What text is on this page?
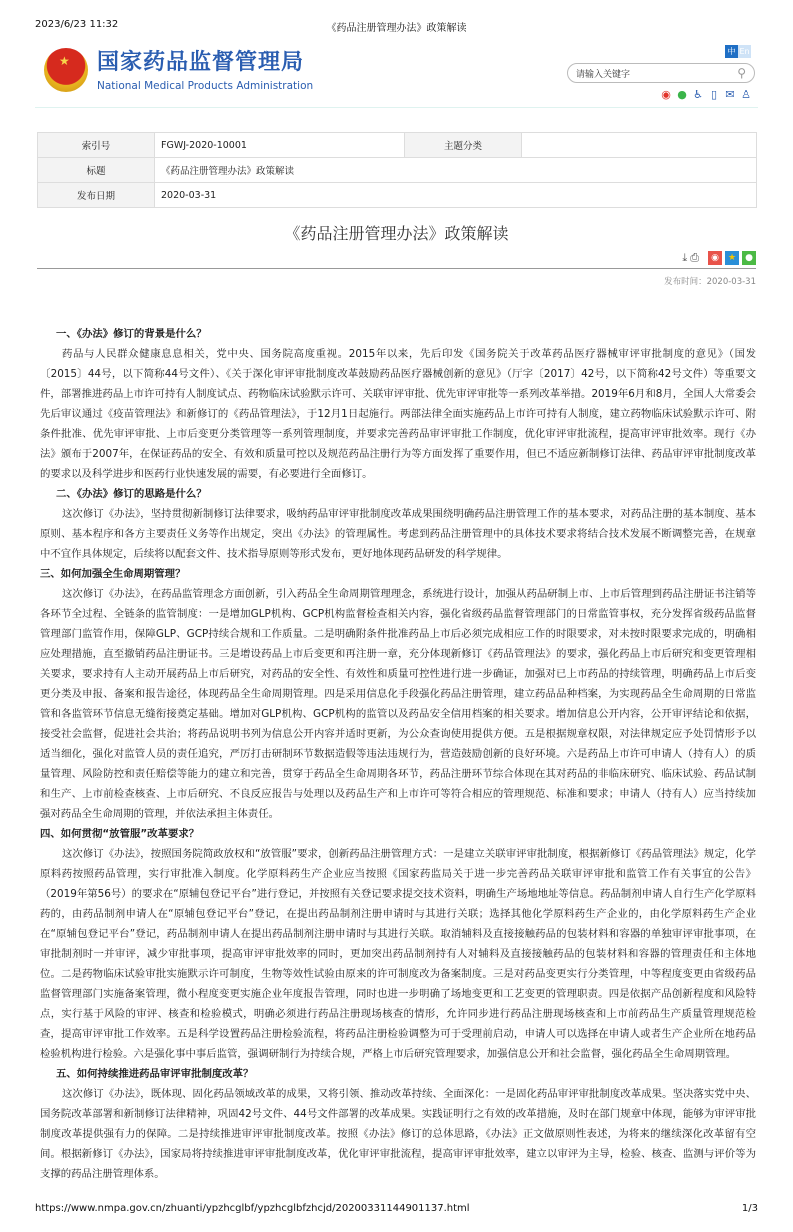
2023/6/23 11:32	《药品注册管理办法》政策解读
★ 国家药品监督管理局
National Medical Products Administration
中 En
请输入关键字	⚲
◉ ● ♿ ▯ ✉ ♙
索引号	FGWJ-2020-10001	主题分类	
标题	《药品注册管理办法》政策解读		
发布日期	2020-03-31		
《药品注册管理办法》政策解读
⤓ ⎙	◉	★	●
发布时间：2020-03-31
一、《办法》修订的背景是什么？

药品与人民群众健康息息相关，党中央、国务院高度重视。2015年以来，先后印发《国务院关于改革药品医疗器械审评审批制度的意见》（国发〔2015〕44号，以下简称44号文件）、《关于深化审评审批制度改革鼓励药品医疗器械创新的意见》（厅字〔2017〕42号，以下简称42号文件）等重要文件，部署推进药品上市许可持有人制度试点、药物临床试验默示许可、关联审评审批、优先审评审批等一系列改革举措。2019年6月和8月，全国人大常委会先后审议通过《疫苗管理法》和新修订的《药品管理法》，于12月1日起施行。两部法律全面实施药品上市许可持有人制度，建立药物临床试验默示许可、附条件批准、优先审评审批、上市后变更分类管理等一系列管理制度，并要求完善药品审评审批工作制度，优化审评审批流程，提高审评审批效率。现行《办法》颁布于2007年，在保证药品的安全、有效和质量可控以及规范药品注册行为等方面发挥了重要作用，但已不适应新制修订法律、药品审评审批制度改革的要求以及科学进步和医药行业快速发展的需要，有必要进行全面修订。

二、《办法》修订的思路是什么？

这次修订《办法》，坚持贯彻新制修订法律要求，吸纳药品审评审批制度改革成果围绕明确药品注册管理工作的基本要求，对药品注册的基本制度、基本原则、基本程序和各方主要责任义务等作出规定，突出《办法》的管理属性。考虑到药品注册管理中的具体技术要求将结合技术发展不断调整完善，在规章中不宜作具体规定，后续将以配套文件、技术指导原则等形式发布，更好地体现药品研发的科学规律。

三、如何加强全生命周期管理？

这次修订《办法》，在药品监管理念方面创新，引入药品全生命周期管理理念，系统进行设计，加强从药品研制上市、上市后管理到药品注册证书注销等各环节全过程、全链条的监管制度：一是增加GLP机构、GCP机构监督检查相关内容，强化省级药品监督管理部门的日常监管事权，充分发挥省级药品监督管理部门监管作用，保障GLP、GCP持续合规和工作质量。二是明确附条件批准药品上市后必须完成相应工作的时限要求，对未按时限要求完成的，明确相应处理措施，直至撤销药品注册证书。三是增设药品上市后变更和再注册一章，充分体现新修订《药品管理法》的要求，强化药品上市后研究和变更管理相关要求，要求持有人主动开展药品上市后研究，对药品的安全性、有效性和质量可控性进行进一步确证，加强对已上市药品的持续管理，明确药品上市后变更分类及申报、备案和报告途径，体现药品全生命周期管理。四是采用信息化手段强化药品注册管理，建立药品品种档案，为实现药品全生命周期的日常监管和各监管环节信息无缝衔接奠定基础。增加对GLP机构、GCP机构的监管以及药品安全信用档案的相关要求。增加信息公开内容，公开审评结论和依据，接受社会监督，促进社会共治；将药品说明书列为信息公开内容并适时更新，为公众查询使用提供方便。五是根据规章权限，对法律规定应予处罚情形予以适当细化，强化对监管人员的责任追究，严厉打击研制环节数据造假等违法违规行为，营造鼓励创新的良好环境。六是药品上市许可申请人（持有人）的质量管理、风险防控和责任赔偿等能力的建立和完善，贯穿于药品全生命周期各环节，药品注册环节综合体现在其对药品的非临床研究、临床试验、药品试制和生产、上市前检查核查、上市后研究、不良反应报告与处理以及药品生产和上市许可等符合相应的管理规范、标准和要求；申请人（持有人）应当持续加强对药品全生命周期的管理，并依法承担主体责任。

四、如何贯彻“放管服”改革要求？

这次修订《办法》，按照国务院简政放权和“放管服”要求，创新药品注册管理方式：一是建立关联审评审批制度，根据新修订《药品管理法》规定，化学原料药按照药品管理，实行审批准入制度。化学原料药生产企业应当按照《国家药监局关于进一步完善药品关联审评审批和监管工作有关事宜的公告》（2019年第56号）的要求在“原辅包登记平台”进行登记，并按照有关登记要求提交技术资料，明确生产场地地址等信息。药品制剂申请人自行生产化学原料药的，由药品制剂申请人在“原辅包登记平台”登记，在提出药品制剂注册申请时与其进行关联；选择其他化学原料药生产企业的，由化学原料药生产企业在“原辅包登记平台”登记，药品制剂申请人在提出药品制剂注册申请时与其进行关联。取消辅料及直接接触药品的包装材料和容器的单独审评审批事项，在审批制剂时一并审评，减少审批事项，提高审评审批效率的同时，更加突出药品制剂持有人对辅料及直接接触药品的包装材料和容器的管理责任和主体地位。二是药物临床试验审批实施默示许可制度，生物等效性试验由原来的许可制度改为备案制度。三是对药品变更实行分类管理，中等程度变更由省级药品监督管理部门实施备案管理，微小程度变更实施企业年度报告管理，同时也进一步明确了场地变更和工艺变更的管理职责。四是依据产品创新程度和风险特点，实行基于风险的审评、核查和检验模式，明确必须进行药品注册现场核查的情形，允许同步进行药品注册现场核查和上市前药品生产质量管理规范检查，提高审评审批工作效率。五是科学设置药品注册检验流程，将药品注册检验调整为可于受理前启动，申请人可以选择在申请人或者生产企业所在地药品检验机构进行检验。六是强化事中事后监管，强调研制行为持续合规，严格上市后研究管理要求，加强信息公开和社会监督，强化药品全生命周期管理。

五、如何持续推进药品审评审批制度改革？

这次修订《办法》，既体现、固化药品领域改革的成果，又将引领、推动改革持续、全面深化：一是固化药品审评审批制度改革成果。坚决落实党中央、国务院改革部署和新制修订法律精神，巩固42号文件、44号文件部署的改革成果。实践证明行之有效的改革措施，及时在部门规章中体现，能够为审评审批制度改革提供强有力的保障。二是持续推进审评审批制度改革。按照《办法》修订的总体思路，《办法》正文做原则性表述，为将来的继续深化改革留有空间。根据新修订《办法》，国家局将持续推进审评审批制度改革，优化审评审批流程，提高审评审批效率，建立以审评为主导，检验、核查、监测与评价等为支撑的药品注册管理体系。

https://www.nmpa.gov.cn/zhuanti/ypzhcglbf/ypzhcglbfzhcjd/20200331144901137.html	1/3
